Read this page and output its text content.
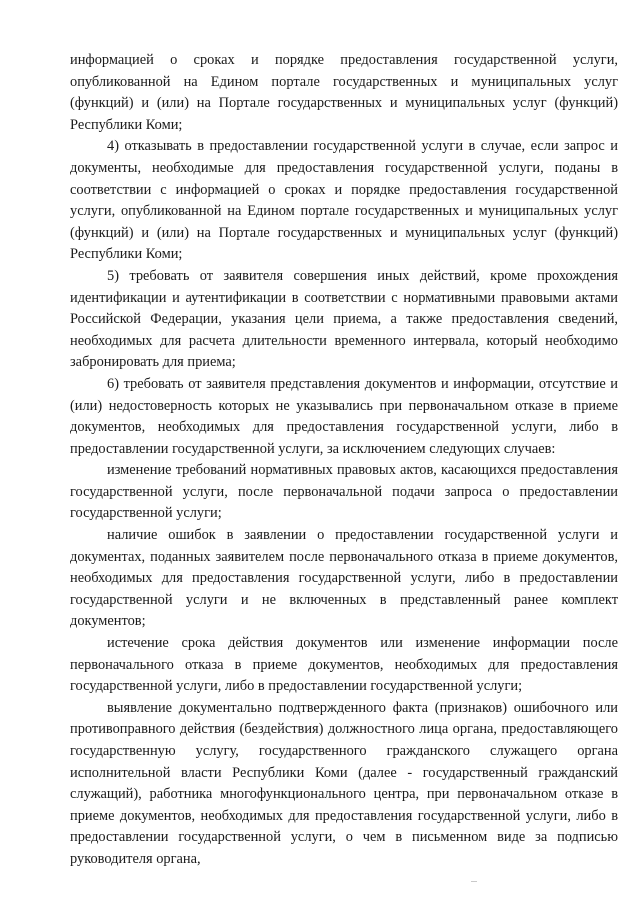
информацией о сроках и порядке предоставления государственной услуги, опубликованной на Едином портале государственных и муниципальных услуг (функций) и (или) на Портале государственных и муниципальных услуг (функций) Республики Коми;

4) отказывать в предоставлении государственной услуги в случае, если запрос и документы, необходимые для предоставления государственной услуги, поданы в соответствии с информацией о сроках и порядке предоставления государственной услуги, опубликованной на Едином портале государственных и муниципальных услуг (функций) и (или) на Портале государственных и муниципальных услуг (функций) Республики Коми;

5) требовать от заявителя совершения иных действий, кроме прохождения идентификации и аутентификации в соответствии с нормативными правовыми актами Российской Федерации, указания цели приема, а также предоставления сведений, необходимых для расчета длительности временного интервала, который необходимо забронировать для приема;

6) требовать от заявителя представления документов и информации, отсутствие и (или) недостоверность которых не указывались при первоначальном отказе в приеме документов, необходимых для предоставления государственной услуги, либо в предоставлении государственной услуги, за исключением следующих случаев:

изменение требований нормативных правовых актов, касающихся предоставления государственной услуги, после первоначальной подачи запроса о предоставлении государственной услуги;

наличие ошибок в заявлении о предоставлении государственной услуги и документах, поданных заявителем после первоначального отказа в приеме документов, необходимых для предоставления государственной услуги, либо в предоставлении государственной услуги и не включенных в представленный ранее комплект документов;

истечение срока действия документов или изменение информации после первоначального отказа в приеме документов, необходимых для предоставления государственной услуги, либо в предоставлении государственной услуги;

выявление документально подтвержденного факта (признаков) ошибочного или противоправного действия (бездействия) должностного лица органа, предоставляющего государственную услугу, государственного гражданского служащего органа исполнительной власти Республики Коми (далее - государственный гражданский служащий), работника многофункционального центра, при первоначальном отказе в приеме документов, необходимых для предоставления государственной услуги, либо в предоставлении государственной услуги, о чем в письменном виде за подписью руководителя органа,
